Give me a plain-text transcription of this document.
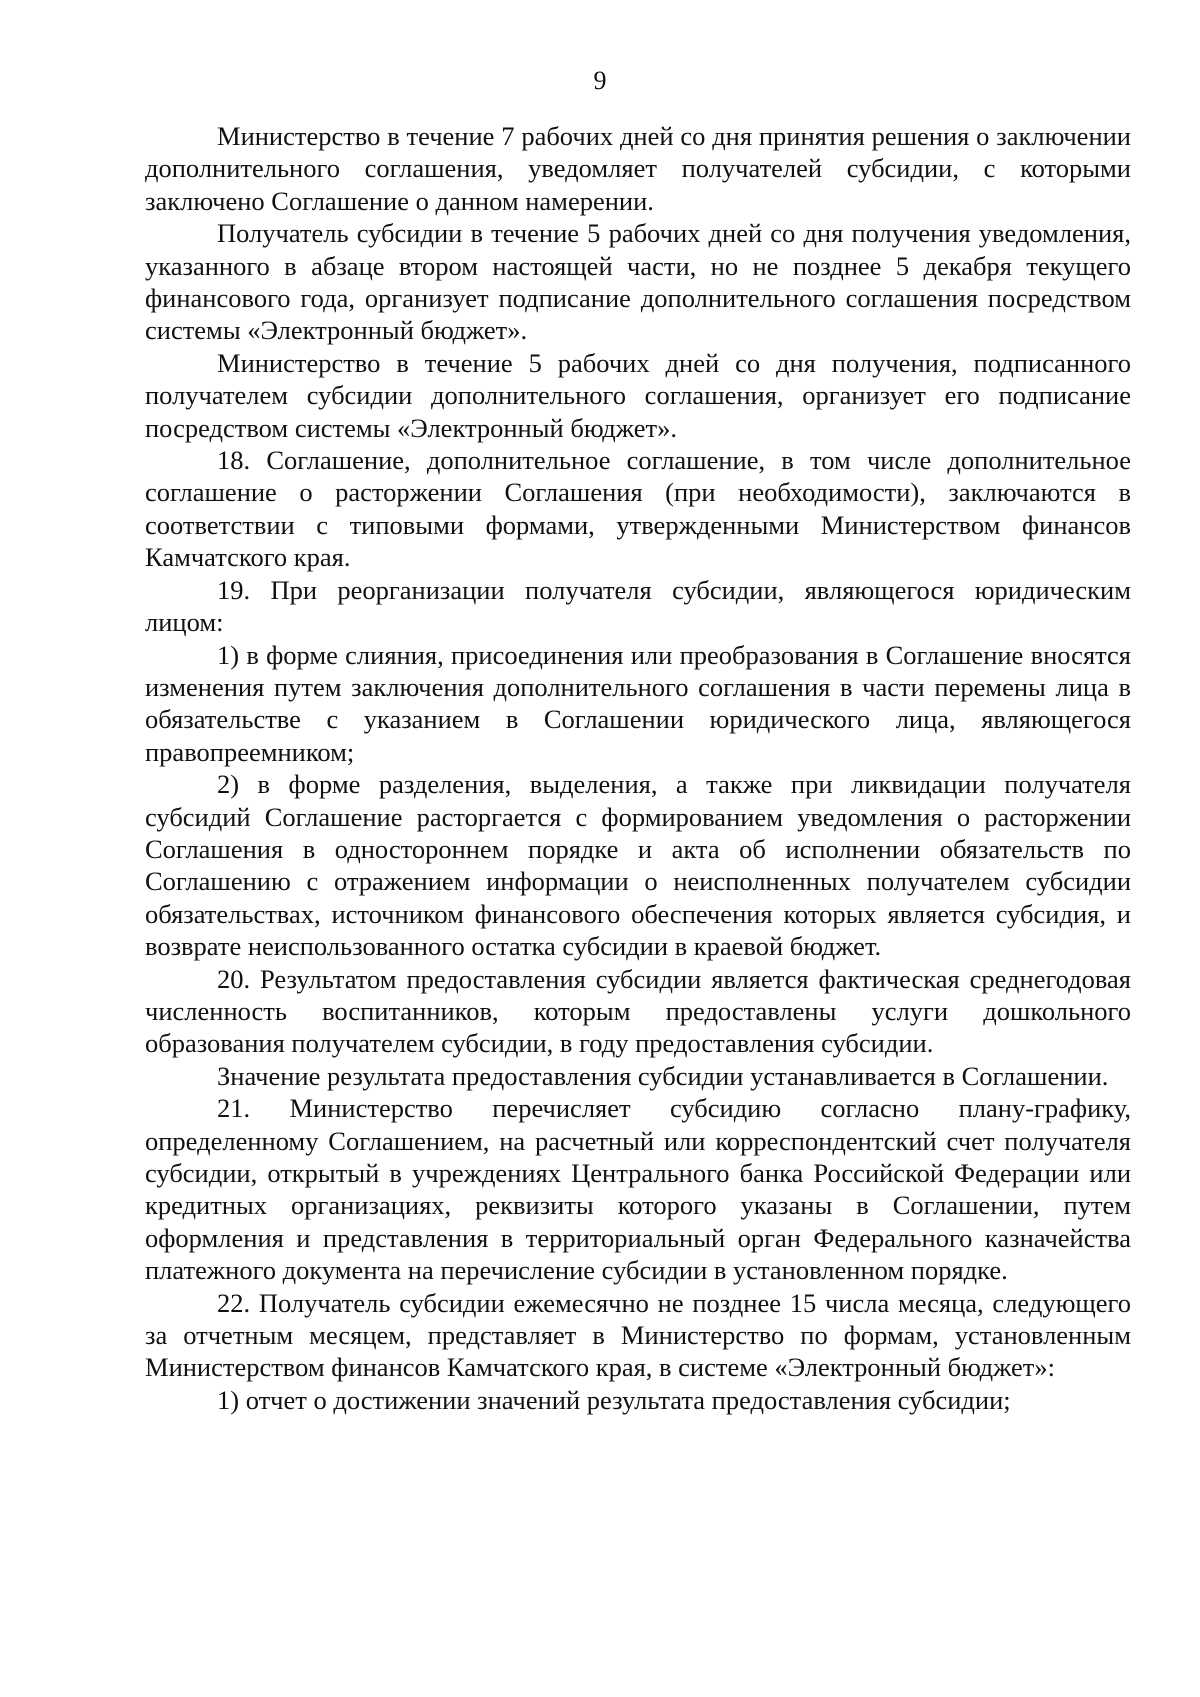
9

Министерство в течение 7 рабочих дней со дня принятия решения о заключении дополнительного соглашения, уведомляет получателей субсидии, с которыми заключено Соглашение о данном намерении.

Получатель субсидии в течение 5 рабочих дней со дня получения уведомления, указанного в абзаце втором настоящей части, но не позднее 5 декабря текущего финансового года, организует подписание дополнительного соглашения посредством системы «Электронный бюджет».

Министерство в течение 5 рабочих дней со дня получения, подписанного получателем субсидии дополнительного соглашения, организует его подписание посредством системы «Электронный бюджет».

18. Соглашение, дополнительное соглашение, в том числе дополнительное соглашение о расторжении Соглашения (при необходимости), заключаются в соответствии с типовыми формами, утвержденными Министерством финансов Камчатского края.

19. При реорганизации получателя субсидии, являющегося юридическим лицом:

1) в форме слияния, присоединения или преобразования в Соглашение вносятся изменения путем заключения дополнительного соглашения в части перемены лица в обязательстве с указанием в Соглашении юридического лица, являющегося правопреемником;

2) в форме разделения, выделения, а также при ликвидации получателя субсидий Соглашение расторгается с формированием уведомления о расторжении Соглашения в одностороннем порядке и акта об исполнении обязательств по Соглашению с отражением информации о неисполненных получателем субсидии обязательствах, источником финансового обеспечения которых является субсидия, и возврате неиспользованного остатка субсидии в краевой бюджет.

20. Результатом предоставления субсидии является фактическая среднегодовая численность воспитанников, которым предоставлены услуги дошкольного образования получателем субсидии, в году предоставления субсидии.

Значение результата предоставления субсидии устанавливается в Соглашении.

21. Министерство перечисляет субсидию согласно плану-графику, определенному Соглашением, на расчетный или корреспондентский счет получателя субсидии, открытый в учреждениях Центрального банка Российской Федерации или кредитных организациях, реквизиты которого указаны в Соглашении, путем оформления и представления в территориальный орган Федерального казначейства платежного документа на перечисление субсидии в установленном порядке.

22. Получатель субсидии ежемесячно не позднее 15 числа месяца, следующего за отчетным месяцем, представляет в Министерство по формам, установленным Министерством финансов Камчатского края, в системе «Электронный бюджет»:

1) отчет о достижении значений результата предоставления субсидии;
